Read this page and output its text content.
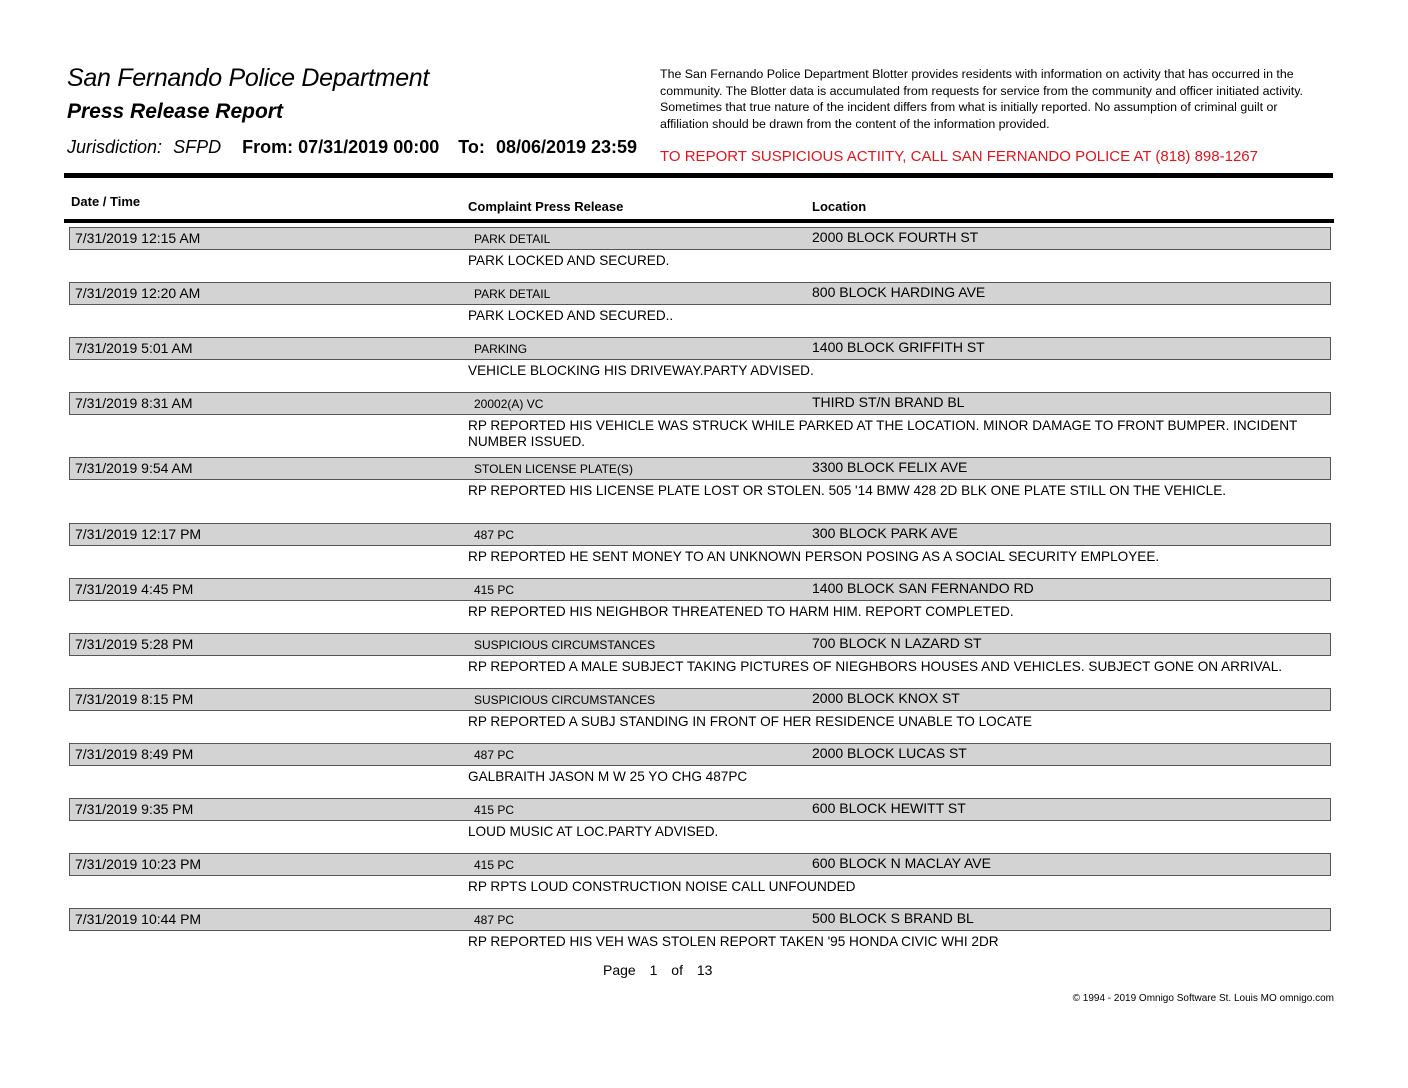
San Fernando Police Department
Press Release Report
Jurisdiction: SFPD From: 07/31/2019 00:00 To: 08/06/2019 23:59
The San Fernando Police Department Blotter provides residents with information on activity that has occurred in the community. The Blotter data is accumulated from requests for service from the community and officer initiated activity. Sometimes that true nature of the incident differs from what is initially reported. No assumption of criminal guilt or affiliation should be drawn from the content of the information provided.
TO REPORT SUSPICIOUS ACTIITY, CALL SAN FERNANDO POLICE AT (818) 898-1267
Date / Time	Complaint Press Release	Location
7/31/2019 12:15 AM	PARK DETAIL	2000 BLOCK FOURTH ST
PARK LOCKED AND SECURED.
7/31/2019 12:20 AM	PARK DETAIL	800 BLOCK HARDING AVE
PARK LOCKED AND SECURED..
7/31/2019 5:01 AM	PARKING	1400 BLOCK GRIFFITH ST
VEHICLE BLOCKING HIS DRIVEWAY.PARTY ADVISED.
7/31/2019 8:31 AM	20002(A) VC	THIRD ST/N BRAND BL
RP REPORTED HIS VEHICLE WAS STRUCK WHILE PARKED AT THE LOCATION. MINOR DAMAGE TO FRONT BUMPER. INCIDENT NUMBER ISSUED.
7/31/2019 9:54 AM	STOLEN LICENSE PLATE(S)	3300 BLOCK FELIX AVE
RP REPORTED HIS LICENSE PLATE LOST OR STOLEN. 505 '14 BMW 428 2D BLK ONE PLATE STILL ON THE VEHICLE.
7/31/2019 12:17 PM	487 PC	300 BLOCK PARK AVE
RP REPORTED HE SENT MONEY TO AN UNKNOWN PERSON POSING AS A SOCIAL SECURITY EMPLOYEE.
7/31/2019 4:45 PM	415 PC	1400 BLOCK SAN FERNANDO RD
RP REPORTED HIS NEIGHBOR THREATENED TO HARM HIM. REPORT COMPLETED.
7/31/2019 5:28 PM	SUSPICIOUS CIRCUMSTANCES	700 BLOCK N LAZARD ST
RP REPORTED A MALE SUBJECT TAKING PICTURES OF NIEGHBORS HOUSES AND VEHICLES. SUBJECT GONE ON ARRIVAL.
7/31/2019 8:15 PM	SUSPICIOUS CIRCUMSTANCES	2000 BLOCK KNOX ST
RP REPORTED A SUBJ STANDING IN FRONT OF HER RESIDENCE UNABLE TO LOCATE
7/31/2019 8:49 PM	487 PC	2000 BLOCK LUCAS ST
GALBRAITH JASON M W 25 YO CHG 487PC
7/31/2019 9:35 PM	415 PC	600 BLOCK HEWITT ST
LOUD MUSIC AT LOC.PARTY ADVISED.
7/31/2019 10:23 PM	415 PC	600 BLOCK N MACLAY AVE
RP RPTS LOUD CONSTRUCTION NOISE CALL UNFOUNDED
7/31/2019 10:44 PM	487 PC	500 BLOCK S BRAND BL
RP REPORTED HIS VEH WAS STOLEN REPORT TAKEN '95 HONDA CIVIC WHI 2DR
Page 1 of 13
© 1994 - 2019 Omnigo Software St. Louis MO omnigo.com
